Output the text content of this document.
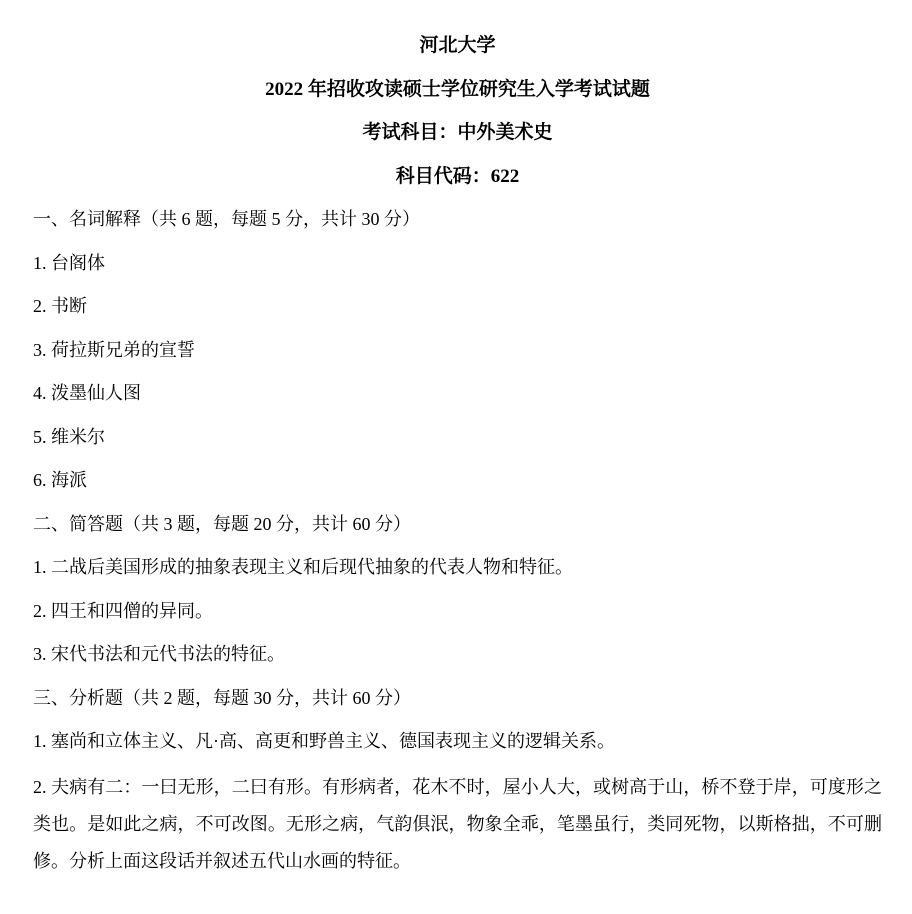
河北大学

2022 年招收攻读硕士学位研究生入学考试试题

考试科目：中外美术史

科目代码：622

一、名词解释（共 6 题，每题 5 分，共计 30 分）

1. 台阁体

2. 书断

3. 荷拉斯兄弟的宣誓

4. 泼墨仙人图

5. 维米尔

6. 海派

二、简答题（共 3 题，每题 20 分，共计 60 分）

1. 二战后美国形成的抽象表现主义和后现代抽象的代表人物和特征。

2. 四王和四僧的异同。

3. 宋代书法和元代书法的特征。

三、分析题（共 2 题，每题 30 分，共计 60 分）

1. 塞尚和立体主义、凡·高、高更和野兽主义、德国表现主义的逻辑关系。

2. 夫病有二：一曰无形，二曰有形。有形病者，花木不时，屋小人大，或树高于山，桥不登于岸，可度形之类也。是如此之病，不可改图。无形之病，气韵俱泯，物象全乖，笔墨虽行，类同死物，以斯格拙，不可删修。分析上面这段话并叙述五代山水画的特征。
